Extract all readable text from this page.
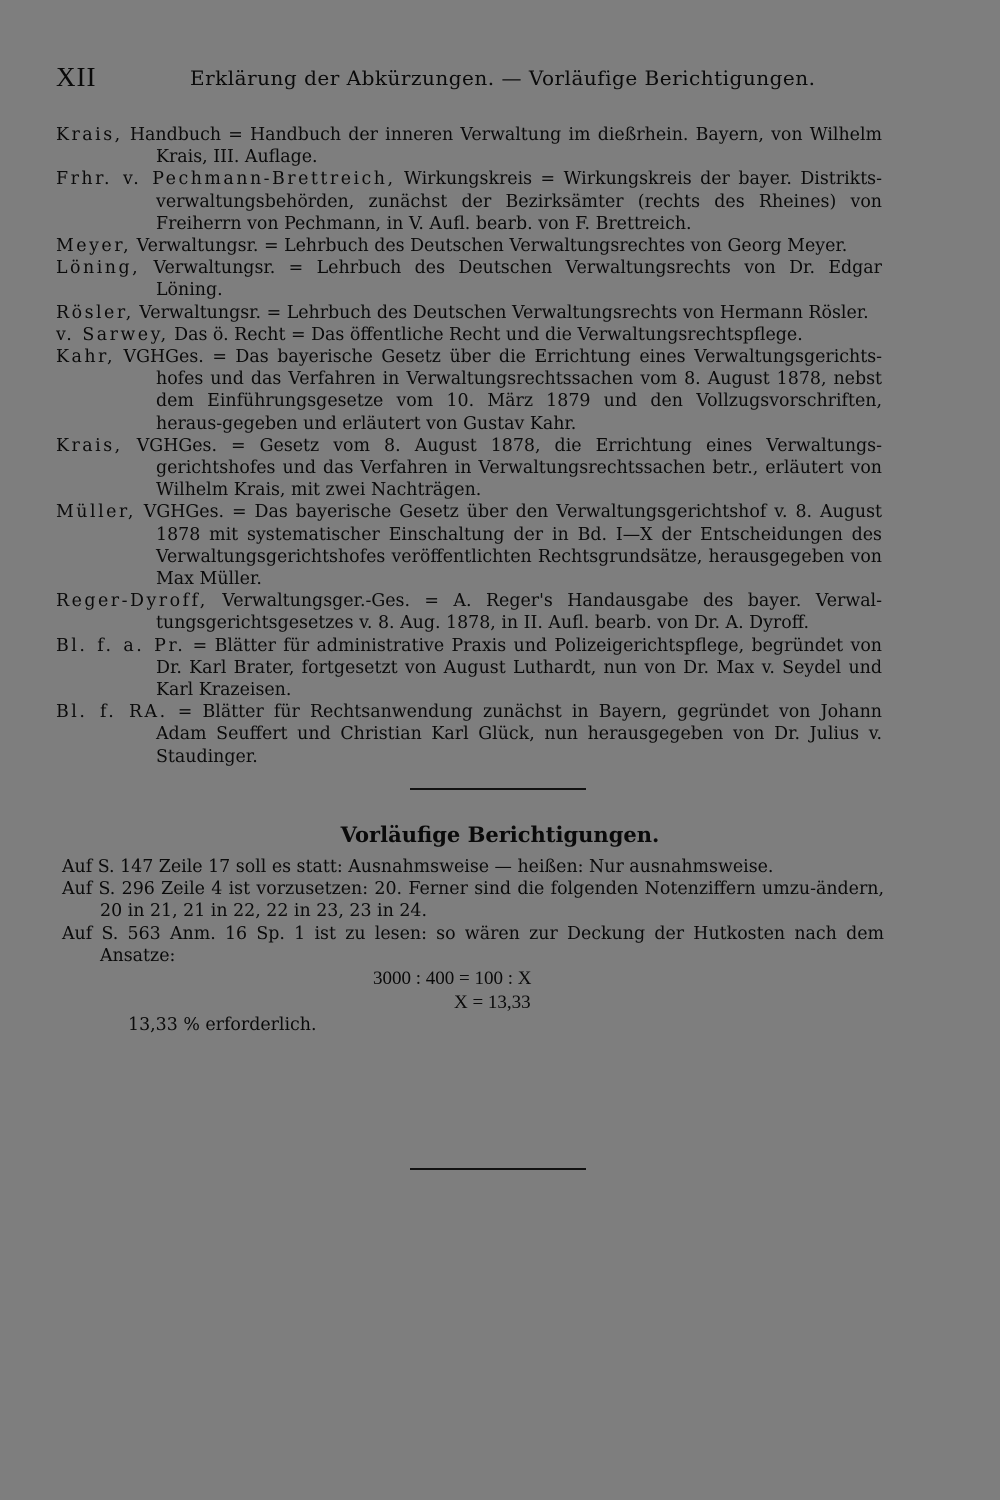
XII	Erklärung der Abkürzungen. — Vorläufige Berichtigungen.
Krais, Handbuch = Handbuch der inneren Verwaltung im dießrhein. Bayern, von Wilhelm Krais, III. Auflage.
Frhr. v. Pechmann-Brettreich, Wirkungskreis = Wirkungskreis der bayer. Distrikts-verwaltungsbehörden, zunächst der Bezirksämter (rechts des Rheines) von Freiherrn von Pechmann, in V. Aufl. bearb. von F. Brettreich.
Meyer, Verwaltungsr. = Lehrbuch des Deutschen Verwaltungsrechtes von Georg Meyer.
Löning, Verwaltungsr. = Lehrbuch des Deutschen Verwaltungsrechts von Dr. Edgar Löning.
Rösler, Verwaltungsr. = Lehrbuch des Deutschen Verwaltungsrechts von Hermann Rösler.
v. Sarwey, Das ö. Recht = Das öffentliche Recht und die Verwaltungsrechtspflege.
Kahr, VGHGes. = Das bayerische Gesetz über die Errichtung eines Verwaltungsgerichts-hofes und das Verfahren in Verwaltungsrechtssachen vom 8. August 1878, nebst dem Einführungsgesetze vom 10. März 1879 und den Vollzugsvorschriften, heraus-gegeben und erläutert von Gustav Kahr.
Krais, VGHGes. = Gesetz vom 8. August 1878, die Errichtung eines Verwaltungs-gerichtshofes und das Verfahren in Verwaltungsrechtssachen betr., erläutert von Wilhelm Krais, mit zwei Nachträgen.
Müller, VGHGes. = Das bayerische Gesetz über den Verwaltungsgerichtshof v. 8. August 1878 mit systematischer Einschaltung der in Bd. I—X der Entscheidungen des Verwaltungsgerichtshofes veröffentlichten Rechtsgrundsätze, herausgegeben von Max Müller.
Reger-Dyroff, Verwaltungsger.-Ges. = A. Reger's Handausgabe des bayer. Verwal-tungsgerichtsgesetzes v. 8. Aug. 1878, in II. Aufl. bearb. von Dr. A. Dyroff.
Bl. f. a. Pr. = Blätter für administrative Praxis und Polizeigerichtspflege, begründet von Dr. Karl Brater, fortgesetzt von August Luthardt, nun von Dr. Max v. Seydel und Karl Krazeisen.
Bl. f. RA. = Blätter für Rechtsanwendung zunächst in Bayern, gegründet von Johann Adam Seuffert und Christian Karl Glück, nun herausgegeben von Dr. Julius v. Staudinger.
Vorläufige Berichtigungen.
Auf S. 147 Zeile 17 soll es statt: Ausnahmsweise — heißen: Nur ausnahmsweise.
Auf S. 296 Zeile 4 ist vorzusetzen: 20. Ferner sind die folgenden Notenziffern umzu-ändern, 20 in 21, 21 in 22, 22 in 23, 23 in 24.
Auf S. 563 Anm. 16 Sp. 1 ist zu lesen: so wären zur Deckung der Hutkosten nach dem Ansatze:
3000 : 400 = 100 : X
X = 13,33

13,33 % erforderlich.
